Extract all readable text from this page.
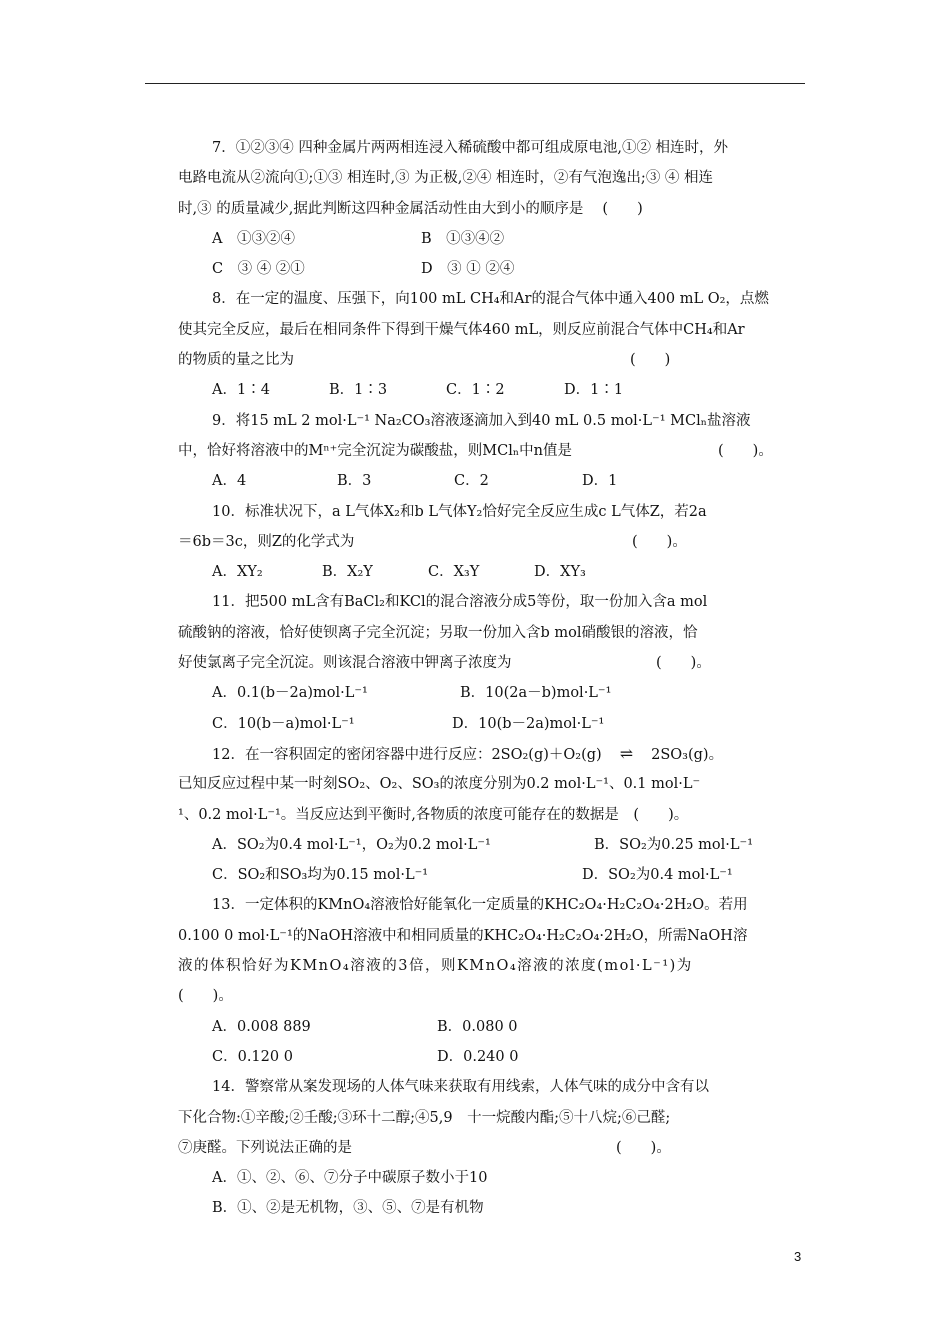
7．①②③④ 四种金属片两两相连浸入稀硫酸中都可组成原电池,①② 相连时，外
电路电流从②流向①;①③ 相连时,③ 为正极,②④ 相连时，②有气泡逸出;③ ④ 相连
时,③ 的质量减少,据此判断这四种金属活动性由大到小的顺序是　 (　　)
A　①③②④	B　①③④②
C　③ ④ ②①	D　③ ① ②④
8．在一定的温度、压强下，向100 mL CH₄和Ar的混合气体中通入400 mL O₂，点燃
使其完全反应，最后在相同条件下得到干燥气体460 mL，则反应前混合气体中CH₄和Ar
的物质的量之比为	(　　)
A．1∶4	B．1∶3	C．1∶2	D．1∶1
9．将15 mL 2 mol·L⁻¹ Na₂CO₃溶液逐滴加入到40 mL 0.5 mol·L⁻¹ MClₙ盐溶液
中，恰好将溶液中的Mⁿ⁺完全沉淀为碳酸盐，则MClₙ中n值是	(　　)。
A．4	B．3	C．2	D．1
10．标准状况下，a L气体X₂和b L气体Y₂恰好完全反应生成c L气体Z，若2a
＝6b＝3c，则Z的化学式为	(　　)。
A．XY₂	B．X₂Y	C．X₃Y	D．XY₃
11．把500 mL含有BaCl₂和KCl的混合溶液分成5等份，取一份加入含a mol
硫酸钠的溶液，恰好使钡离子完全沉淀；另取一份加入含b mol硝酸银的溶液，恰
好使氯离子完全沉淀。则该混合溶液中钾离子浓度为	(　　)。
A．0.1(b－2a)mol·L⁻¹	B．10(2a－b)mol·L⁻¹
C．10(b－a)mol·L⁻¹	D．10(b－2a)mol·L⁻¹
12．在一容积固定的密闭容器中进行反应：2SO₂(g)＋O₂(g) ⇌ 2SO₃(g)。
已知反应过程中某一时刻SO₂、O₂、SO₃的浓度分别为0.2 mol·L⁻¹、0.1 mol·L⁻
¹、0.2 mol·L⁻¹。当反应达到平衡时,各物质的浓度可能存在的数据是　(　　)。
A．SO₂为0.4 mol·L⁻¹，O₂为0.2 mol·L⁻¹	B．SO₂为0.25 mol·L⁻¹
C．SO₂和SO₃均为0.15 mol·L⁻¹	D．SO₂为0.4 mol·L⁻¹
13．一定体积的KMnO₄溶液恰好能氧化一定质量的KHC₂O₄·H₂C₂O₄·2H₂O。若用
0.100 0 mol·L⁻¹的NaOH溶液中和相同质量的KHC₂O₄·H₂C₂O₄·2H₂O，所需NaOH溶
液的体积恰好为KMnO₄溶液的3倍，则KMnO₄溶液的浓度(mol·L⁻¹)为
(　　)。
A．0.008 889	B．0.080 0
C．0.120 0	D．0.240 0
14．警察常从案发现场的人体气味来获取有用线索，人体气味的成分中含有以
下化合物:①辛酸;②壬酸;③环十二醇;④5,9　十一烷酸内酯;⑤十八烷;⑥己醛;
⑦庚醛。下列说法正确的是	(　　)。
A．①、②、⑥、⑦分子中碳原子数小于10
B．①、②是无机物，③、⑤、⑦是有机物
3
